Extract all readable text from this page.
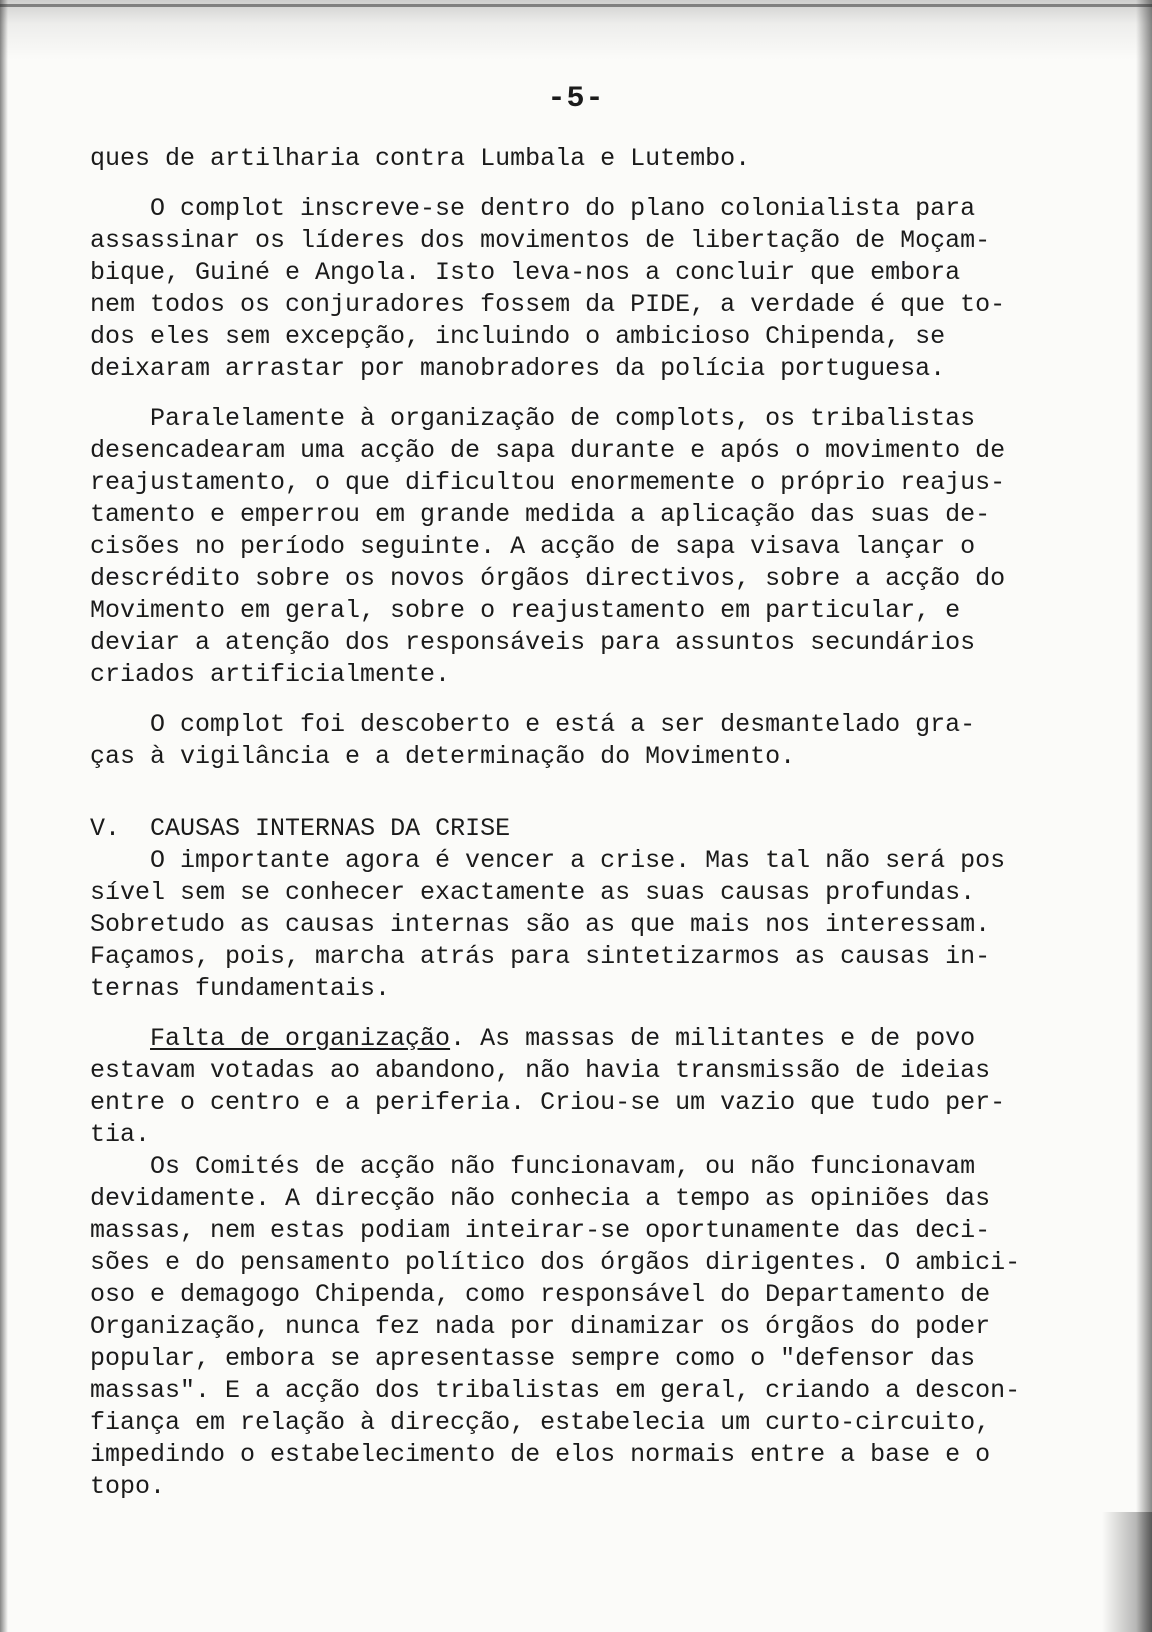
-5-

ques de artilharia contra Lumbala e Lutembo.

O complot inscreve-se dentro do plano colonialista para

assassinar os líderes dos movimentos de libertação de Moçam-

bique, Guiné e Angola. Isto leva-nos a concluir que embora

nem todos os conjuradores fossem da PIDE, a verdade é que to-

dos eles sem excepção, incluindo o ambicioso Chipenda, se

deixaram arrastar por manobradores da polícia portuguesa.

Paralelamente à organização de complots, os tribalistas

desencadearam uma acção de sapa durante e após o movimento de

reajustamento, o que dificultou enormemente o próprio reajus-

tamento e emperrou em grande medida a aplicação das suas de-

cisões no período seguinte. A acção de sapa visava lançar o

descrédito sobre os novos órgãos directivos, sobre a acção do

Movimento em geral, sobre o reajustamento em particular, e

deviar a atenção dos responsáveis para assuntos secundários

criados artificialmente.

O complot foi descoberto e está a ser desmantelado gra-

ças à vigilância e a determinação do Movimento.

V. CAUSAS INTERNAS DA CRISE

O importante agora é vencer a crise. Mas tal não será pos

sível sem se conhecer exactamente as suas causas profundas.

Sobretudo as causas internas são as que mais nos interessam.

Façamos, pois, marcha atrás para sintetizarmos as causas in-

ternas fundamentais.

Falta de organização. As massas de militantes e de povo

estavam votadas ao abandono, não havia transmissão de ideias

entre o centro e a periferia. Criou-se um vazio que tudo per-

tia.

Os Comités de acção não funcionavam, ou não funcionavam

devidamente. A direcção não conhecia a tempo as opiniões das

massas, nem estas podiam inteirar-se oportunamente das deci-

sões e do pensamento político dos órgãos dirigentes. O ambici-

oso e demagogo Chipenda, como responsável do Departamento de

Organização, nunca fez nada por dinamizar os órgãos do poder

popular, embora se apresentasse sempre como o "defensor das

massas". E a acção dos tribalistas em geral, criando a descon-

fiança em relação à direcção, estabelecia um curto-circuito,

impedindo o estabelecimento de elos normais entre a base e o

topo.
